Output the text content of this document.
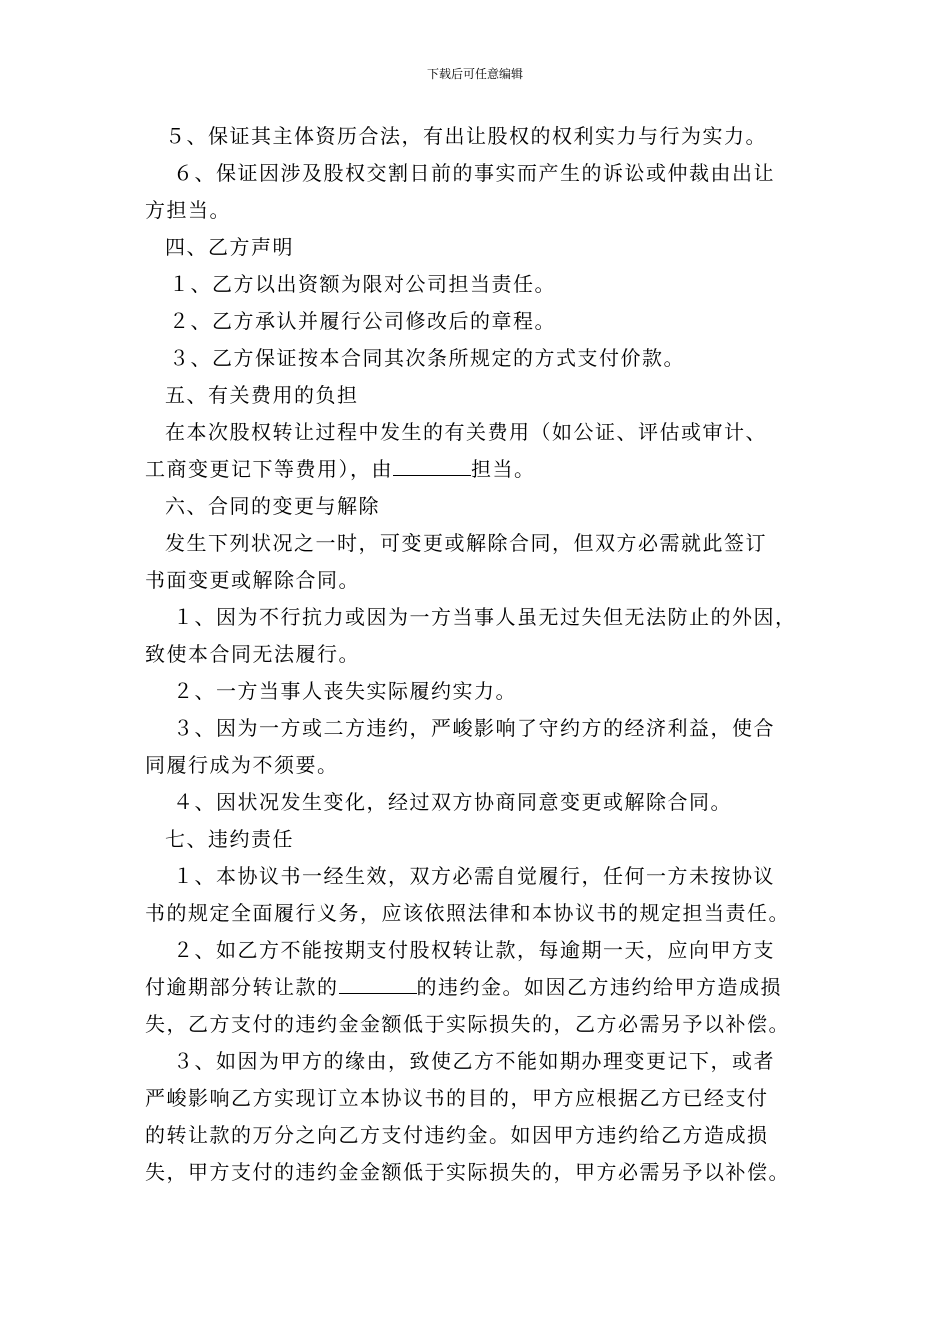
下载后可任意编辑
５、保证其主体资历合法，有出让股权的权利实力与行为实力。
６、保证因涉及股权交割日前的事实而产生的诉讼或仲裁由出让
方担当。
四、乙方声明
１、乙方以出资额为限对公司担当责任。
２、乙方承认并履行公司修改后的章程。
３、乙方保证按本合同其次条所规定的方式支付价款。
五、有关费用的负担
在本次股权转让过程中发生的有关费用（如公证、评估或审计、
工商变更记下等费用），由	担当。
六、合同的变更与解除
发生下列状况之一时，可变更或解除合同，但双方必需就此签订
书面变更或解除合同。
１、因为不行抗力或因为一方当事人虽无过失但无法防止的外因，
致使本合同无法履行。
２、一方当事人丧失实际履约实力。
３、因为一方或二方违约，严峻影响了守约方的经济利益，使合
同履行成为不须要。
４、因状况发生变化，经过双方协商同意变更或解除合同。
七、违约责任
１、本协议书一经生效，双方必需自觉履行，任何一方未按协议
书的规定全面履行义务，应该依照法律和本协议书的规定担当责任。
２、如乙方不能按期支付股权转让款，每逾期一天，应向甲方支
付逾期部分转让款的	的违约金。如因乙方违约给甲方造成损
失，乙方支付的违约金金额低于实际损失的，乙方必需另予以补偿。
３、如因为甲方的缘由，致使乙方不能如期办理变更记下，或者
严峻影响乙方实现订立本协议书的目的，甲方应根据乙方已经支付
的转让款的万分之向乙方支付违约金。如因甲方违约给乙方造成损
失，甲方支付的违约金金额低于实际损失的，甲方必需另予以补偿。
